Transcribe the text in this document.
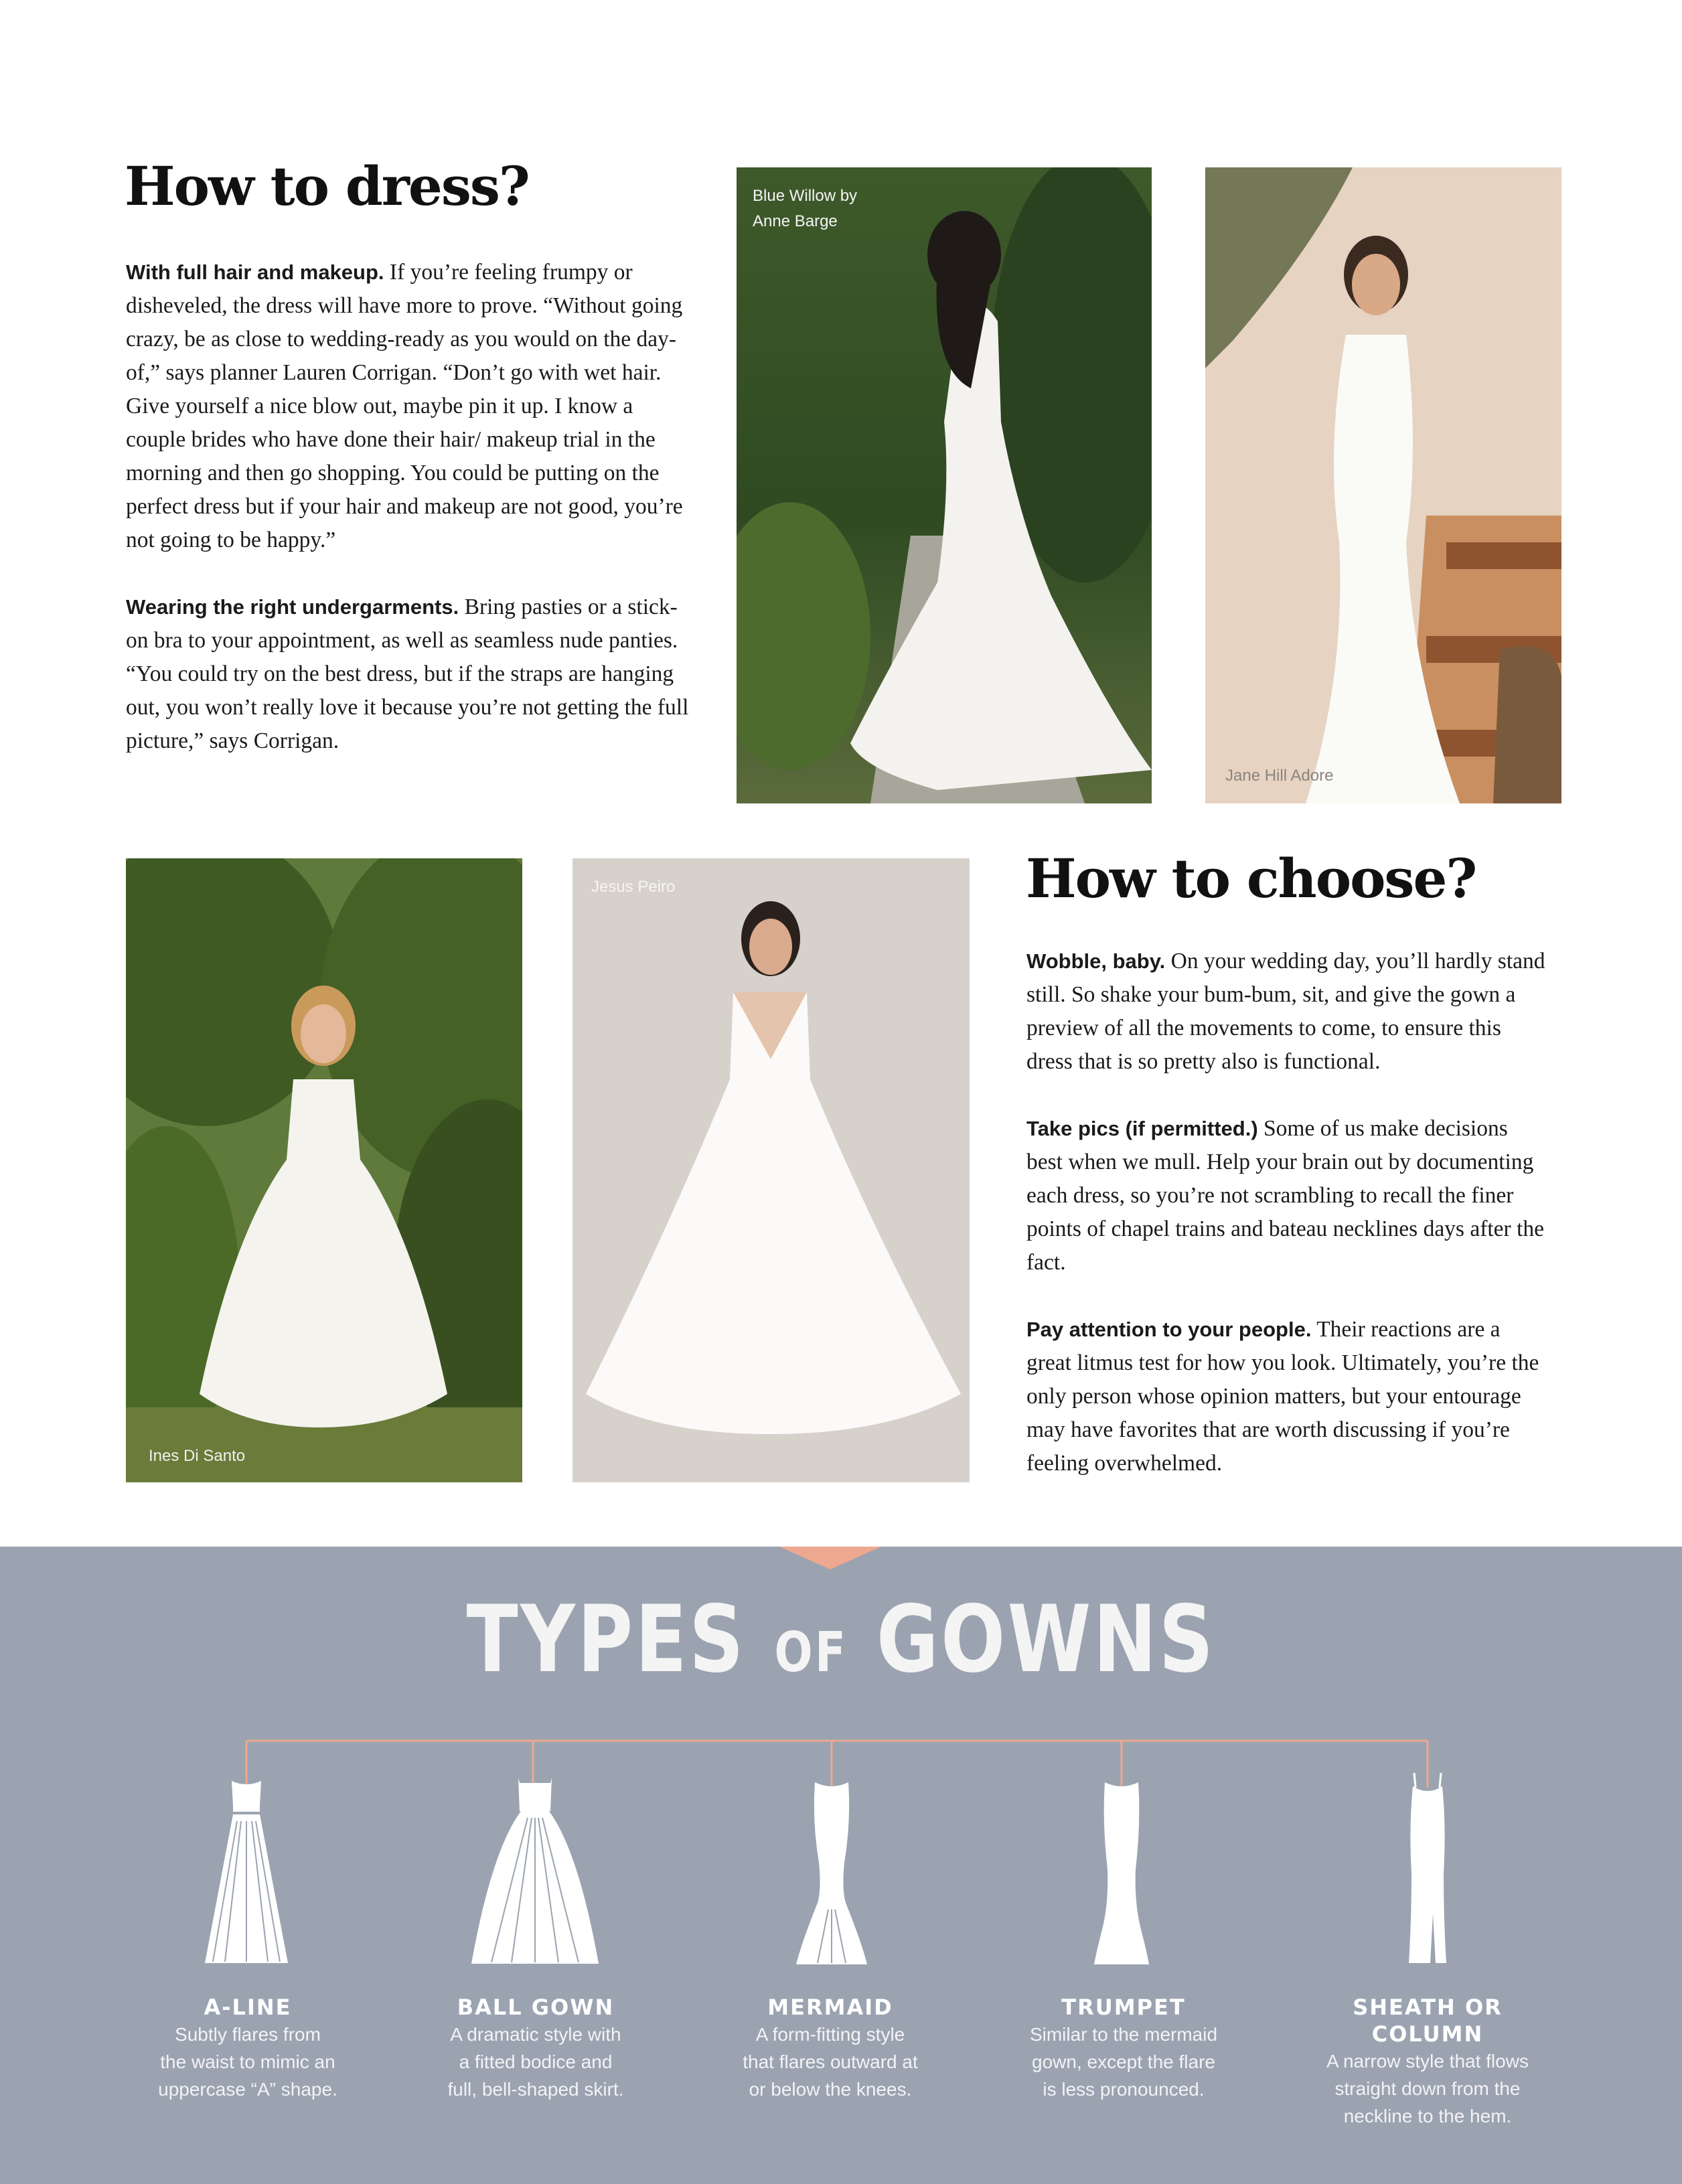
How to dress?

With full hair and makeup. If you’re feeling frumpy or disheveled, the dress will have more to prove. “Without going crazy, be as close to wedding-ready as you would on the day-of,” says planner Lauren Corrigan. “Don’t go with wet hair. Give yourself a nice blow out, maybe pin it up. I know a couple brides who have done their hair/ makeup trial in the morning and then go shopping. You could be putting on the perfect dress but if your hair and makeup are not good, you’re not going to be happy.”

Wearing the right undergarments. Bring pasties or a stick-on bra to your appointment, as well as seamless nude panties. “You could try on the best dress, but if the straps are hanging out, you won’t really love it because you’re not getting the full picture,” says Corrigan.

Blue Willow by
Anne Barge
Jane Hill Adore
Ines Di Santo
Jesus Peiro	How to choose?

Wobble, baby. On your wedding day, you’ll hardly stand still. So shake your bum-bum, sit, and give the gown a preview of all the movements to come, to ensure this dress that is so pretty also is functional.

Take pics (if permitted.) Some of us make decisions best when we mull. Help your brain out by documenting each dress, so you’re not scrambling to recall the finer points of chapel trains and bateau necklines days after the fact.

Pay attention to your people. Their reactions are a great litmus test for how you look. Ultimately, you’re the only person whose opinion matters, but your entourage may have favorites that are worth discussing if you’re feeling overwhelmed.

TYPES OF GOWNS
A-LINE
Subtly flares from
the waist to mimic an
uppercase “A” shape.
BALL GOWN
A dramatic style with
a fitted bodice and
full, bell-shaped skirt.
MERMAID
A form-fitting style
that flares outward at
or below the knees.
TRUMPET
Similar to the mermaid
gown, except the flare
is less pronounced.
SHEATH OR COLUMN
A narrow style that flows
straight down from the
neckline to the hem.
